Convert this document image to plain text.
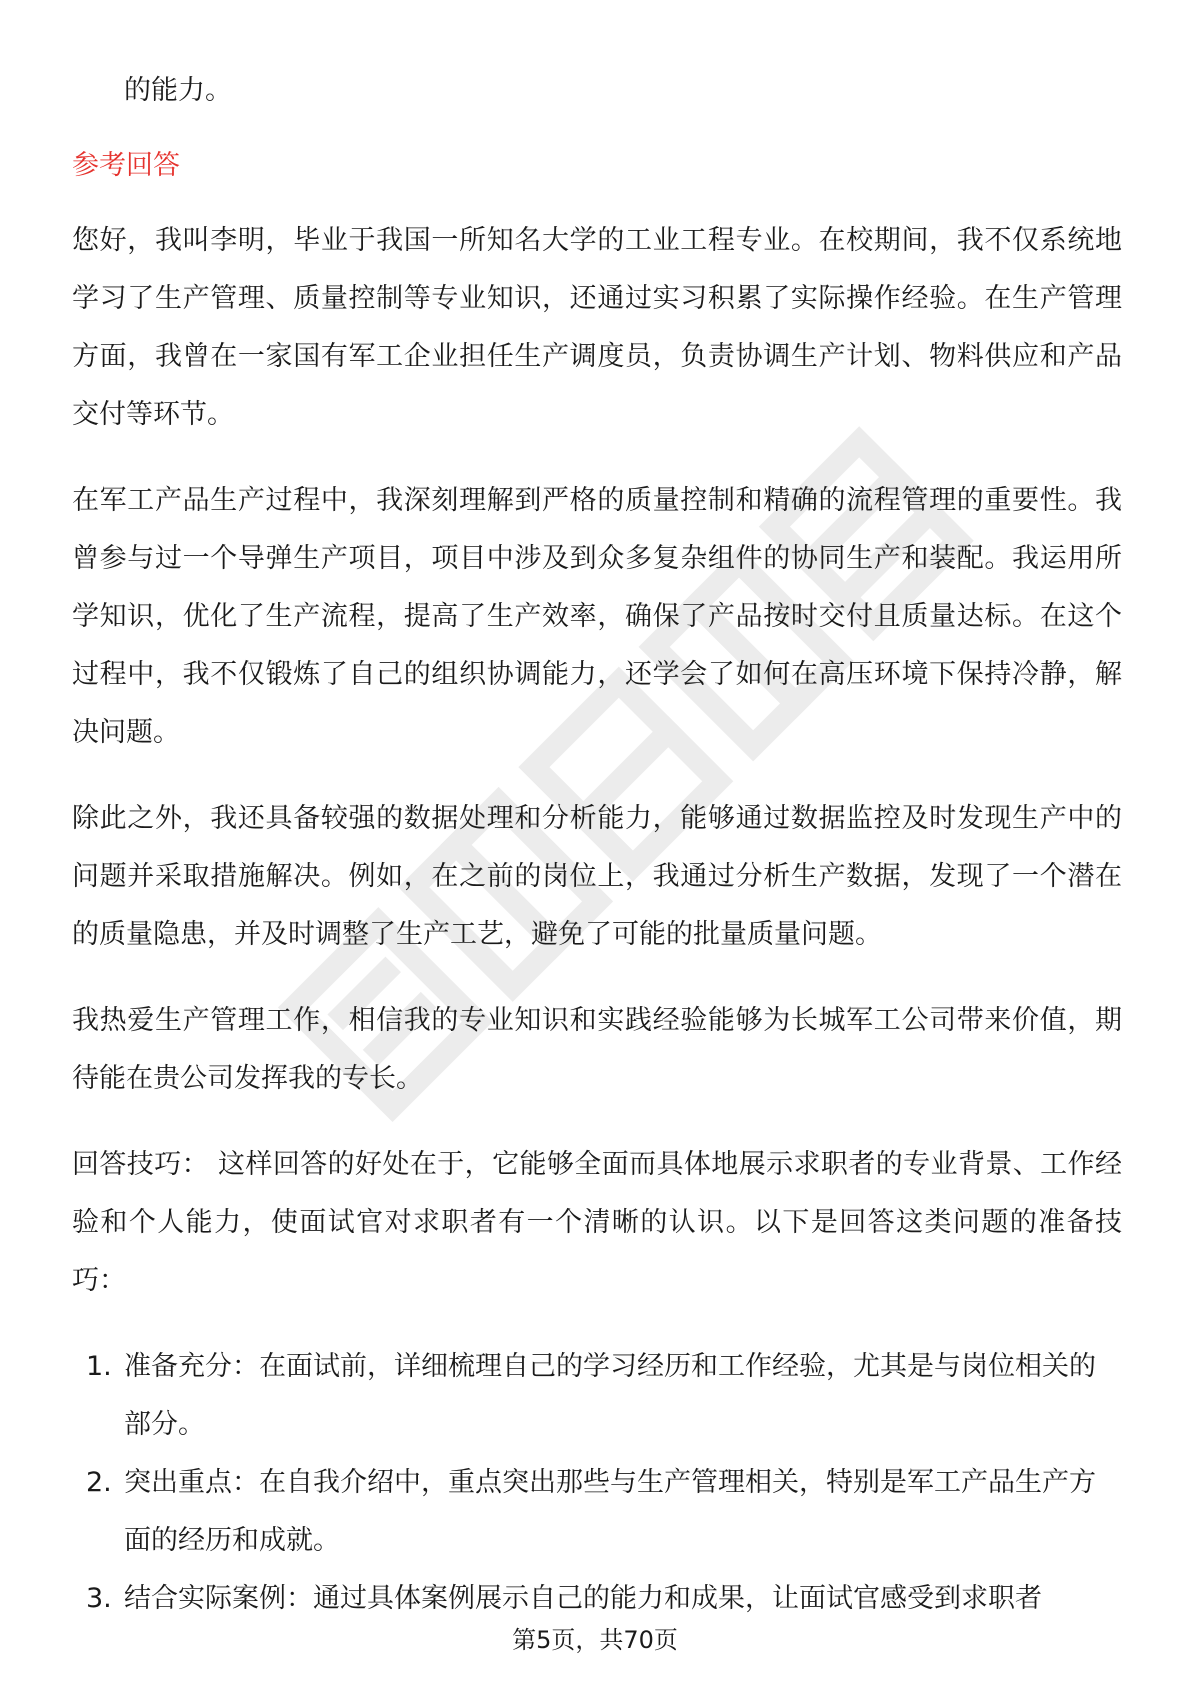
的能力。

参考回答

您好，我叫李明，毕业于我国一所知名大学的工业工程专业。在校期间，我不仅系统地学习了生产管理、质量控制等专业知识，还通过实习积累了实际操作经验。在生产管理方面，我曾在一家国有军工企业担任生产调度员，负责协调生产计划、物料供应和产品交付等环节。

在军工产品生产过程中，我深刻理解到严格的质量控制和精确的流程管理的重要性。我曾参与过一个导弹生产项目，项目中涉及到众多复杂组件的协同生产和装配。我运用所学知识，优化了生产流程，提高了生产效率，确保了产品按时交付且质量达标。在这个过程中，我不仅锻炼了自己的组织协调能力，还学会了如何在高压环境下保持冷静，解决问题。

除此之外，我还具备较强的数据处理和分析能力，能够通过数据监控及时发现生产中的问题并采取措施解决。例如，在之前的岗位上，我通过分析生产数据，发现了一个潜在的质量隐患，并及时调整了生产工艺，避免了可能的批量质量问题。

我热爱生产管理工作，相信我的专业知识和实践经验能够为长城军工公司带来价值，期待能在贵公司发挥我的专长。

回答技巧： 这样回答的好处在于，它能够全面而具体地展示求职者的专业背景、工作经验和个人能力，使面试官对求职者有一个清晰的认识。以下是回答这类问题的准备技巧：

1. 准备充分：在面试前，详细梳理自己的学习经历和工作经验，尤其是与岗位相关的部分。
2. 突出重点：在自我介绍中，重点突出那些与生产管理相关，特别是军工产品生产方面的经历和成就。
3. 结合实际案例：通过具体案例展示自己的能力和成果，让面试官感受到求职者
第5页，共70页
